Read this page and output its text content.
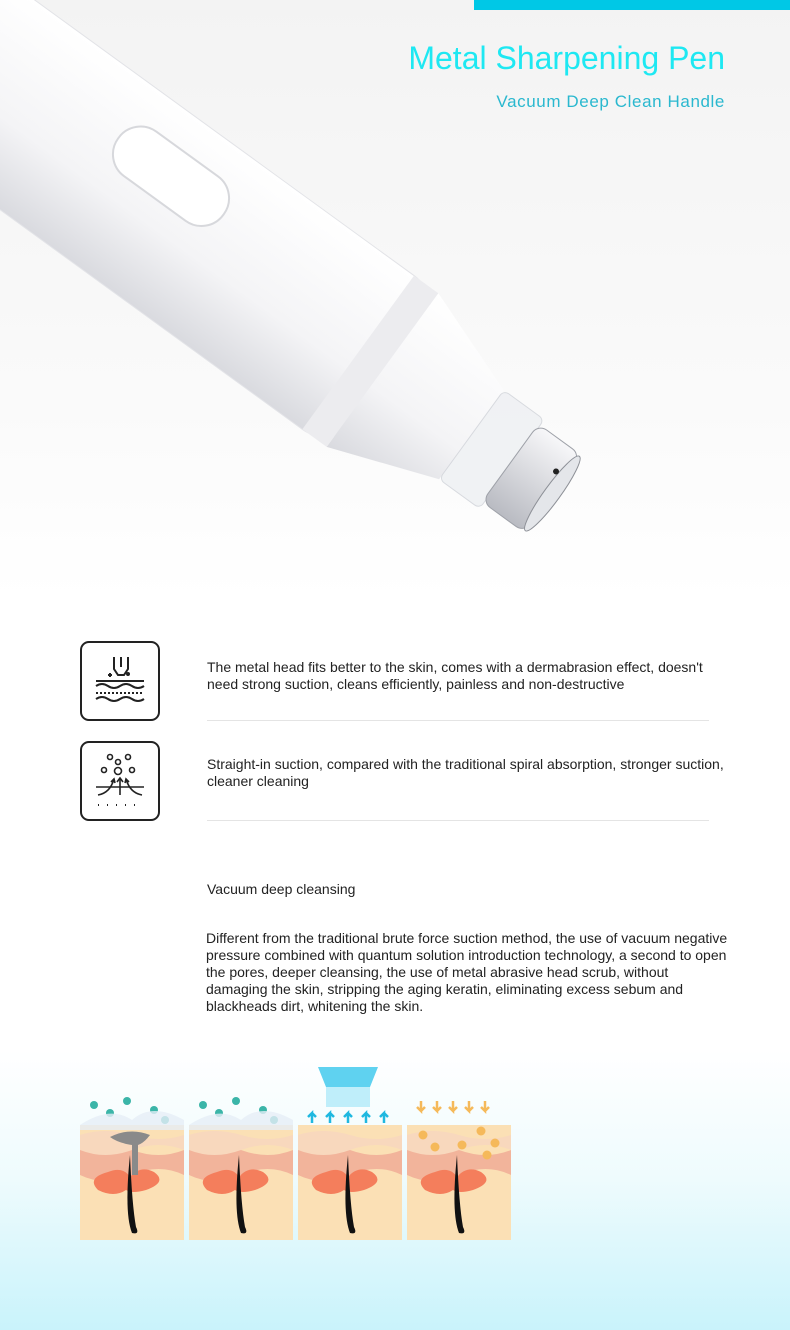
Metal Sharpening Pen
Vacuum Deep Clean Handle
The metal head fits better to the skin, comes with a dermabrasion effect, doesn't need strong suction, cleans efficiently, painless and non-destructive
Straight-in suction, compared with the traditional spiral absorption, stronger suction, cleaner cleaning
Vacuum deep cleansing
Different from the traditional brute force suction method, the use of vacuum negative pressure combined with quantum solution introduction technology, a second to open the pores, deeper cleansing, the use of metal abrasive head scrub, without damaging the skin, stripping the aging keratin, eliminating excess sebum and blackheads dirt, whitening the skin.
